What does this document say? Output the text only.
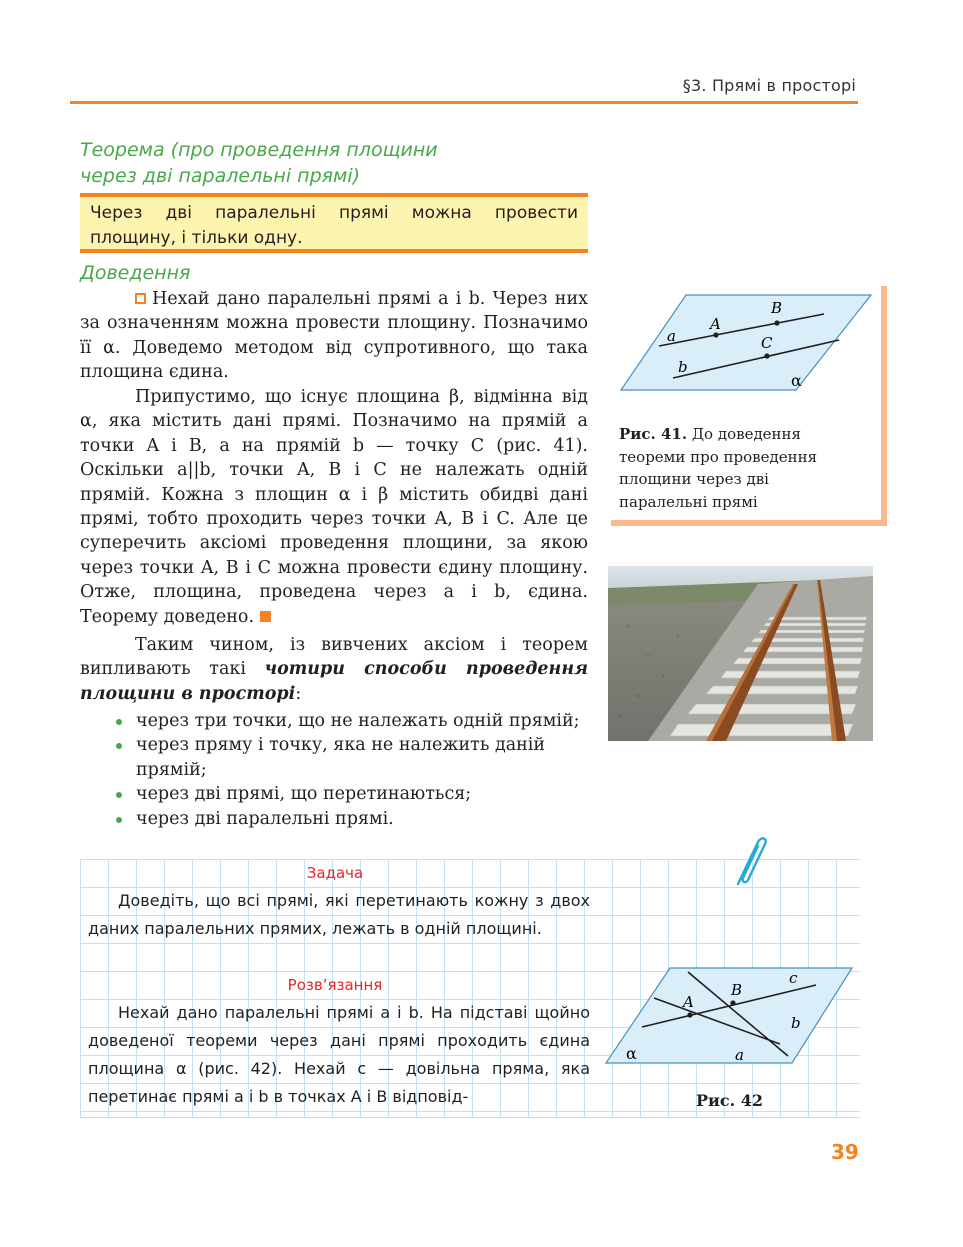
§3. Прямі в просторі
Теорема (про проведення площини
через дві паралельні прямі)
Через дві паралельні прямі можна провести площину, і тільки одну.
Доведення
Нехай дано паралельні прямі a і b. Через них за означенням можна провести площину. Позначимо її α. Доведемо методом від супротивного, що така площина єдина.
Припустимо, що існує площина β, відмінна від α, яка містить дані прямі. Позначимо на прямій a точки A і B, а на прямій b — точку C (рис. 41). Оскільки a||b, точки A, B і C не належать одній прямій. Кожна з площин α і β містить обидві дані прямі, тобто проходить через точки A, B і C. Але це суперечить аксіомі проведення площини, за якою через точки A, B і C можна провести єдину площину. Отже, площина, проведена через a і b, єдина. Теорему доведено.
Таким чином, із вивчених аксіом і теорем випливають такі чотири способи проведення площини в просторі:
через три точки, що не належать одній прямій;
через пряму і точку, яка не належить даній прямій;
через дві прямі, що перетинаються;
через дві паралельні прямі.
a
b
A
B
C
α
Рис. 41. До доведення теореми про проведення площини через дві паралельні прямі
Задача
Доведіть, що всі прямі, які перетинають кожну з двох даних паралельних прямих, лежать в одній площині.
Розв’язання
Нехай дано паралельні прямі a і b. На підставі щойно доведеної теореми через дані прямі проходить єдина площина α (рис. 42). Нехай c — довільна пряма, яка перетинає прямі a і b в точках A і B відповід-
A
B
c
b
a
α
Рис. 42
39
